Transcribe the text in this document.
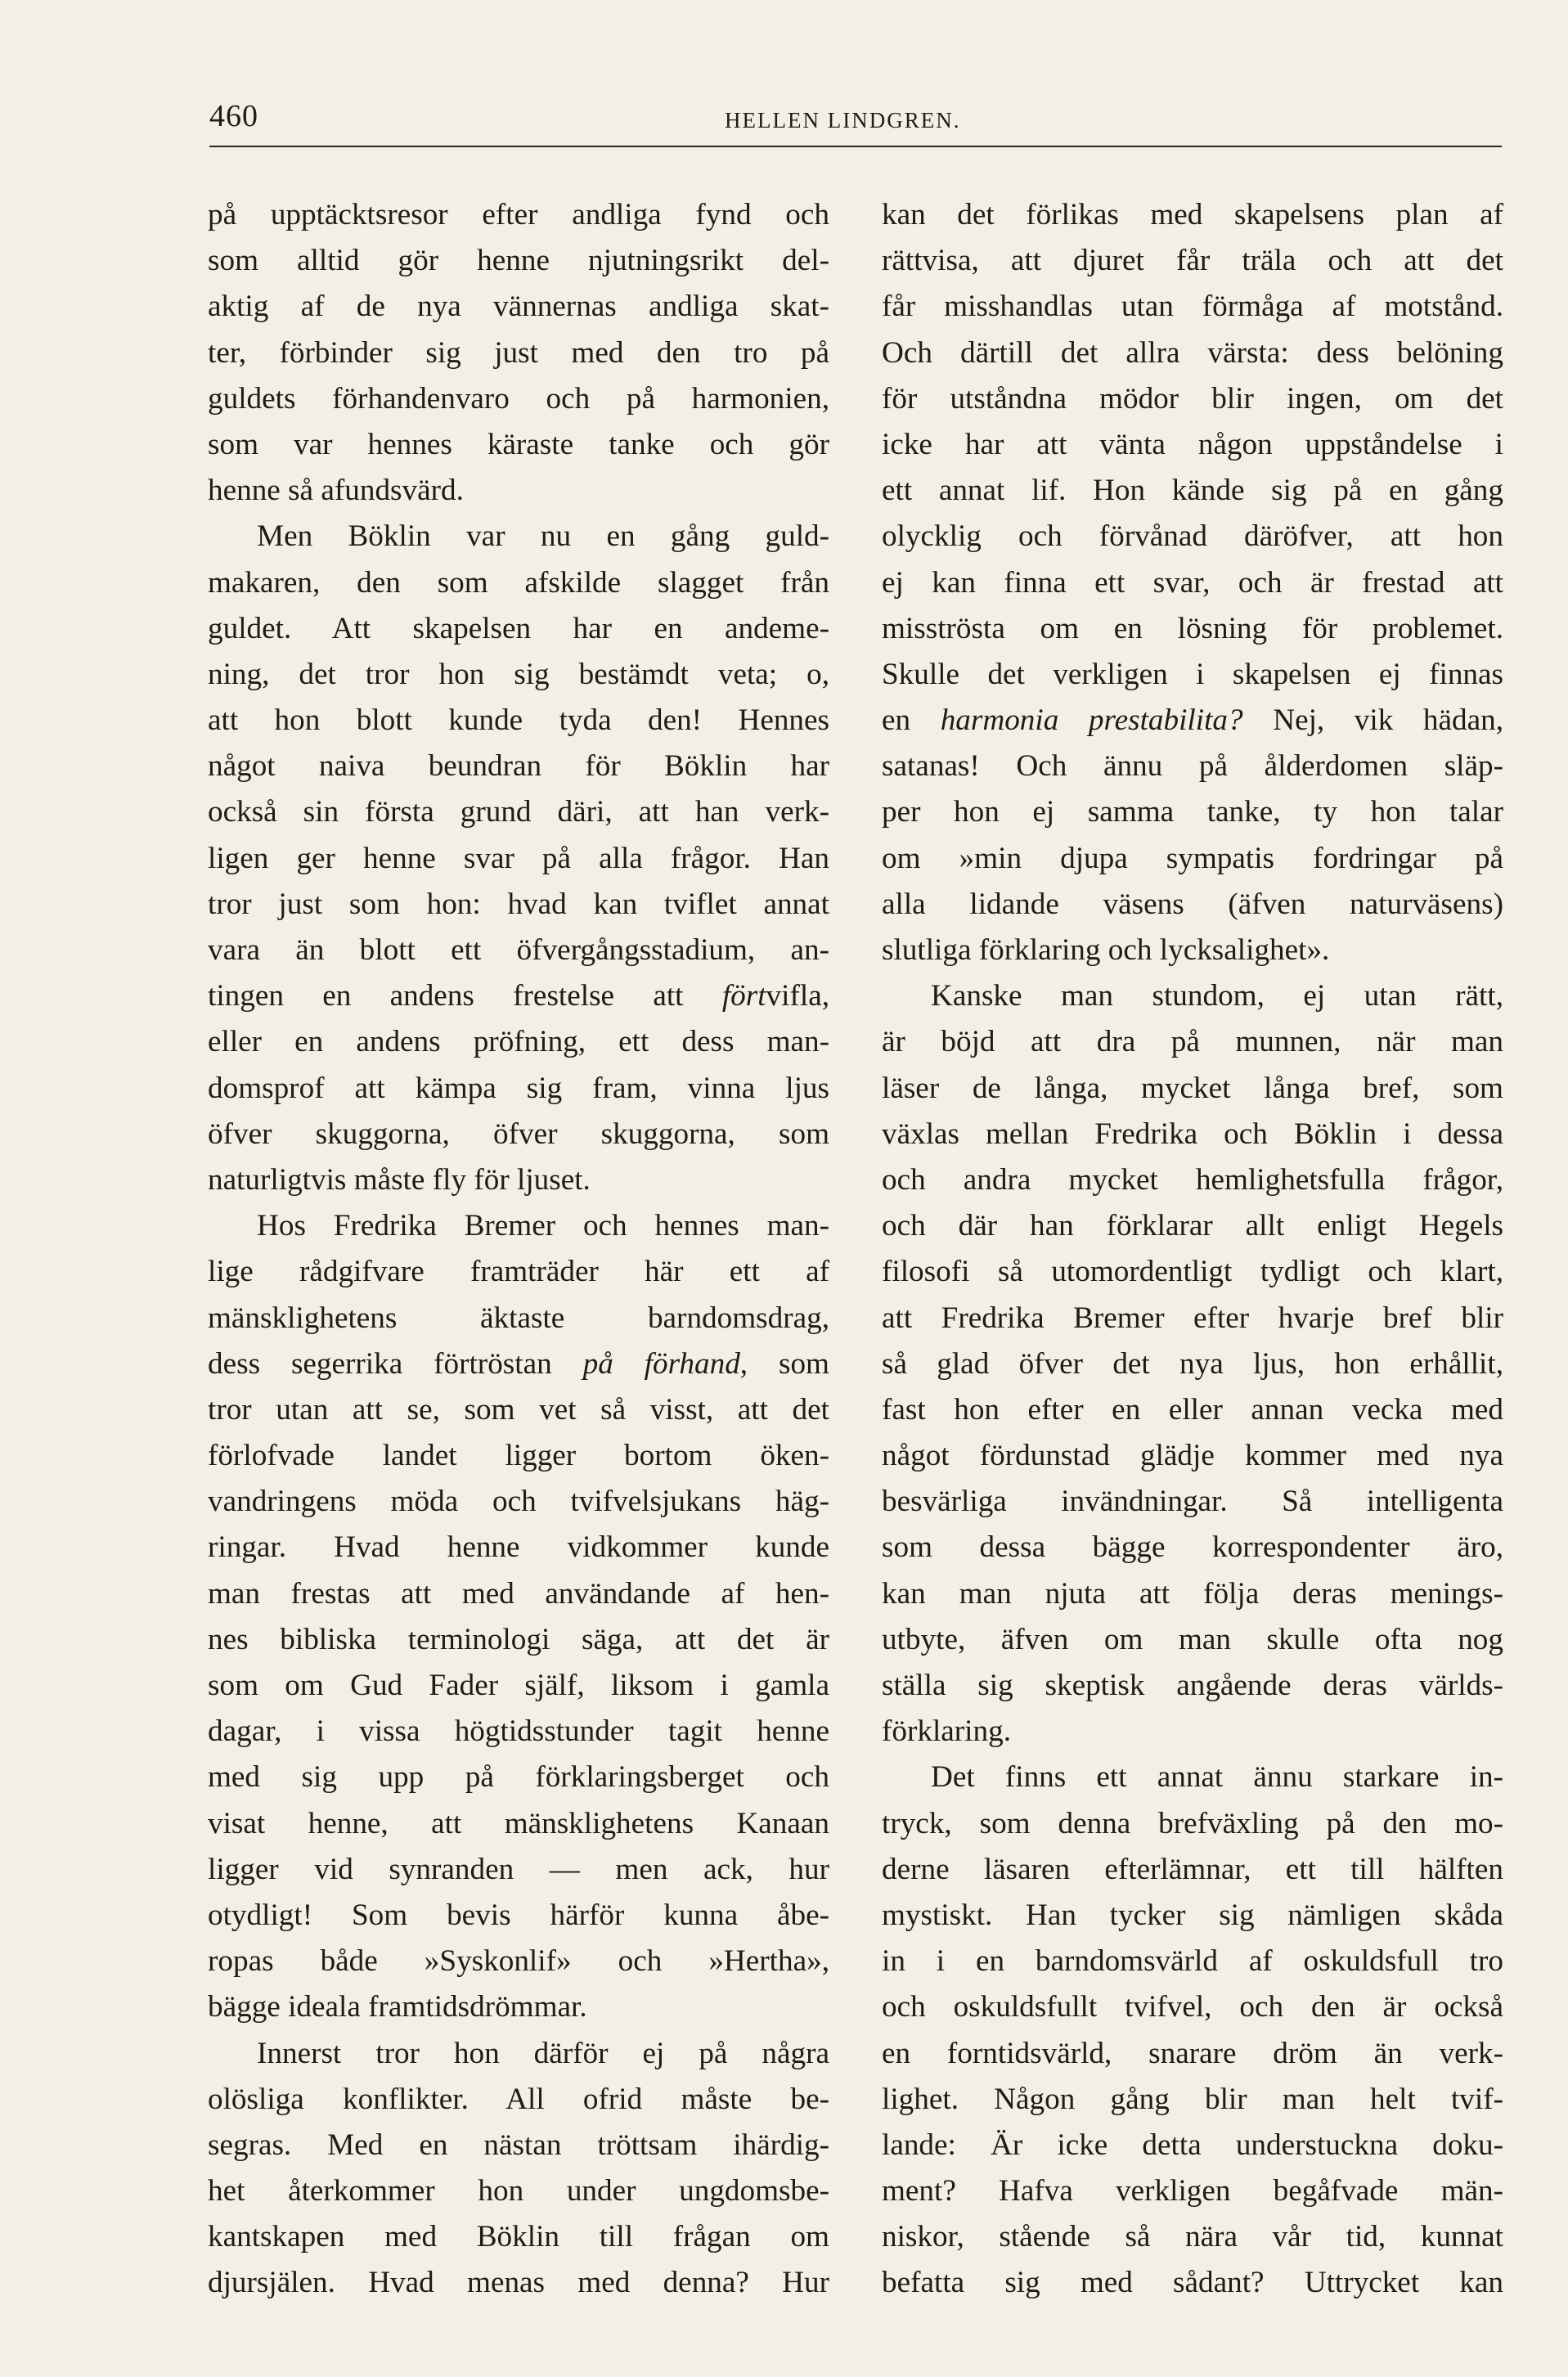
460	HELLEN LINDGREN.
på upptäcktsresor efter andliga fynd och
som alltid gör henne njutningsrikt del-
aktig af de nya vännernas andliga skat-
ter, förbinder sig just med den tro på
guldets förhandenvaro och på harmonien,
som var hennes käraste tanke och gör
henne så afundsvärd.
Men Böklin var nu en gång guld-
makaren, den som afskilde slagget från
guldet. Att skapelsen har en andeme-
ning, det tror hon sig bestämdt veta; o,
att hon blott kunde tyda den! Hennes
något naiva beundran för Böklin har
också sin första grund däri, att han verk-
ligen ger henne svar på alla frågor. Han
tror just som hon: hvad kan tviflet annat
vara än blott ett öfvergångsstadium, an-
tingen en andens frestelse att förtvifla,
eller en andens pröfning, ett dess man-
domsprof att kämpa sig fram, vinna ljus
öfver skuggorna, öfver skuggorna, som
naturligtvis måste fly för ljuset.
Hos Fredrika Bremer och hennes man-
lige rådgifvare framträder här ett af
mänsklighetens äktaste barndomsdrag,
dess segerrika förtröstan på förhand, som
tror utan att se, som vet så visst, att det
förlofvade landet ligger bortom öken-
vandringens möda och tvifvelsjukans häg-
ringar. Hvad henne vidkommer kunde
man frestas att med användande af hen-
nes bibliska terminologi säga, att det är
som om Gud Fader själf, liksom i gamla
dagar, i vissa högtidsstunder tagit henne
med sig upp på förklaringsberget och
visat henne, att mänsklighetens Kanaan
ligger vid synranden — men ack, hur
otydligt! Som bevis härför kunna åbe-
ropas både »Syskonlif» och »Hertha»,
bägge ideala framtidsdrömmar.
Innerst tror hon därför ej på några
olösliga konflikter. All ofrid måste be-
segras. Med en nästan tröttsam ihärdig-
het återkommer hon under ungdomsbe-
kantskapen med Böklin till frågan om
djursjälen. Hvad menas med denna? Hur
kan det förlikas med skapelsens plan af
rättvisa, att djuret får träla och att det
får misshandlas utan förmåga af motstånd.
Och därtill det allra värsta: dess belöning
för utståndna mödor blir ingen, om det
icke har att vänta någon uppståndelse i
ett annat lif. Hon kände sig på en gång
olycklig och förvånad däröfver, att hon
ej kan finna ett svar, och är frestad att
misströsta om en lösning för problemet.
Skulle det verkligen i skapelsen ej finnas
en harmonia prestabilita? Nej, vik hädan,
satanas! Och ännu på ålderdomen släp-
per hon ej samma tanke, ty hon talar
om »min djupa sympatis fordringar på
alla lidande väsens (äfven naturväsens)
slutliga förklaring och lycksalighet».
Kanske man stundom, ej utan rätt,
är böjd att dra på munnen, när man
läser de långa, mycket långa bref, som
växlas mellan Fredrika och Böklin i dessa
och andra mycket hemlighetsfulla frågor,
och där han förklarar allt enligt Hegels
filosofi så utomordentligt tydligt och klart,
att Fredrika Bremer efter hvarje bref blir
så glad öfver det nya ljus, hon erhållit,
fast hon efter en eller annan vecka med
något fördunstad glädje kommer med nya
besvärliga invändningar. Så intelligenta
som dessa bägge korrespondenter äro,
kan man njuta att följa deras menings-
utbyte, äfven om man skulle ofta nog
ställa sig skeptisk angående deras världs-
förklaring.
Det finns ett annat ännu starkare in-
tryck, som denna brefväxling på den mo-
derne läsaren efterlämnar, ett till hälften
mystiskt. Han tycker sig nämligen skåda
in i en barndomsvärld af oskuldsfull tro
och oskuldsfullt tvifvel, och den är också
en forntidsvärld, snarare dröm än verk-
lighet. Någon gång blir man helt tvif-
lande: Är icke detta understuckna doku-
ment? Hafva verkligen begåfvade män-
niskor, stående så nära vår tid, kunnat
befatta sig med sådant? Uttrycket kan
